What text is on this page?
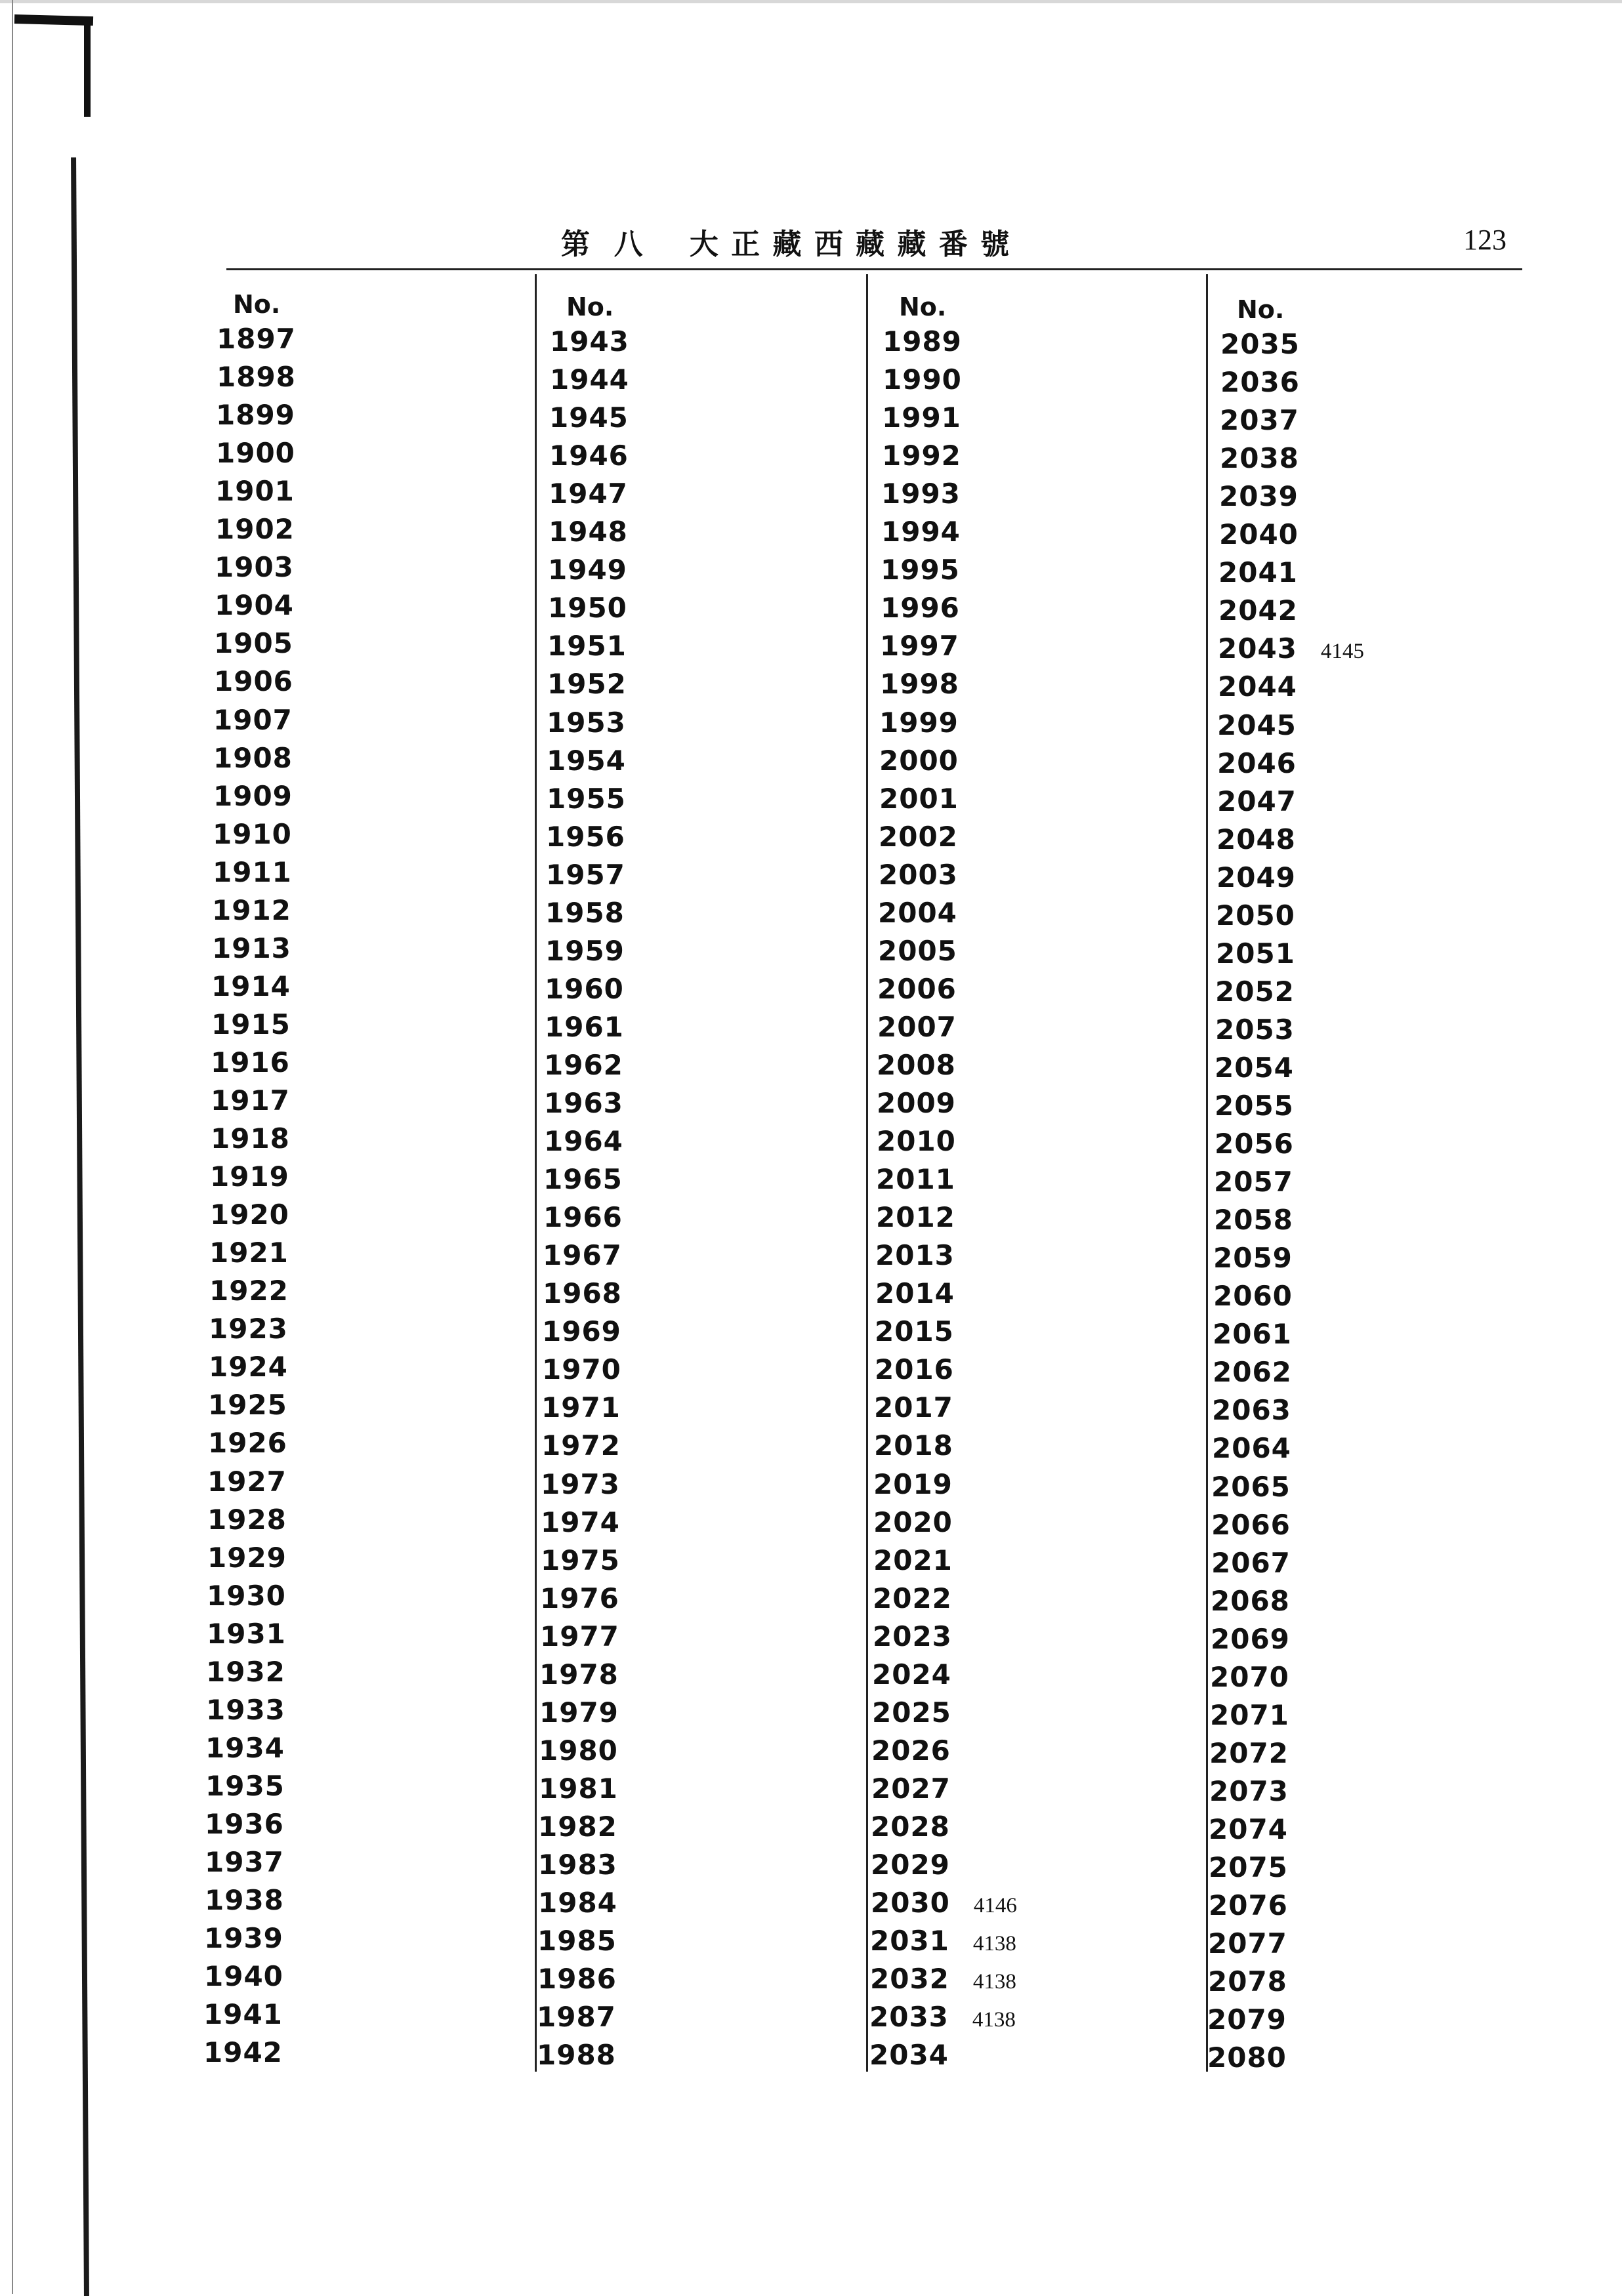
第  八    大 正 藏 西 藏 藏 番 號	123
No.
1897
1898
1899
1900
1901
1902
1903
1904
1905
1906
1907
1908
1909
1910
1911
1912
1913
1914
1915
1916
1917
1918
1919
1920
1921
1922
1923
1924
1925
1926
1927
1928
1929
1930
1931
1932
1933
1934
1935
1936
1937
1938
1939
1940
1941
1942
No.
1943
1944
1945
1946
1947
1948
1949
1950
1951
1952
1953
1954
1955
1956
1957
1958
1959
1960
1961
1962
1963
1964
1965
1966
1967
1968
1969
1970
1971
1972
1973
1974
1975
1976
1977
1978
1979
1980
1981
1982
1983
1984
1985
1986
1987
1988
No.
1989
1990
1991
1992
1993
1994
1995
1996
1997
1998
1999
2000
2001
2002
2003
2004
2005
2006
2007
2008
2009
2010
2011
2012
2013
2014
2015
2016
2017
2018
2019
2020
2021
2022
2023
2024
2025
2026
2027
2028
2029
2030 4146
2031 4138
2032 4138
2033 4138
2034
No.
2035
2036
2037
2038
2039
2040
2041
2042
2043 4145
2044
2045
2046
2047
2048
2049
2050
2051
2052
2053
2054
2055
2056
2057
2058
2059
2060
2061
2062
2063
2064
2065
2066
2067
2068
2069
2070
2071
2072
2073
2074
2075
2076
2077
2078
2079
2080
